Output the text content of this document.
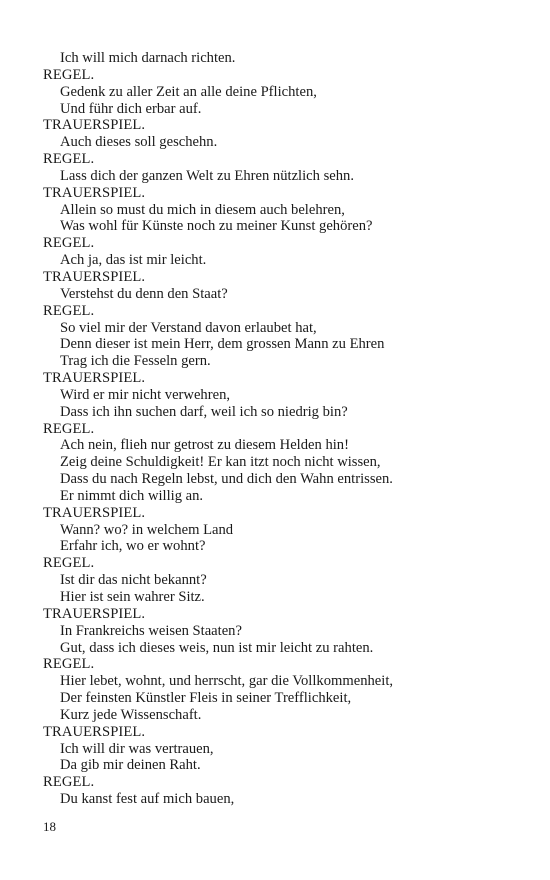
Ich will mich darnach richten.
REGEL.
Gedenk zu aller Zeit an alle deine Pflichten,
Und führ dich erbar auf.
TRAUERSPIEL.
Auch dieses soll geschehn.
REGEL.
Lass dich der ganzen Welt zu Ehren nützlich sehn.
TRAUERSPIEL.
Allein so must du mich in diesem auch belehren,
Was wohl für Künste noch zu meiner Kunst gehören?
REGEL.
Ach ja, das ist mir leicht.
TRAUERSPIEL.
Verstehst du denn den Staat?
REGEL.
So viel mir der Verstand davon erlaubet hat,
Denn dieser ist mein Herr, dem grossen Mann zu Ehren
Trag ich die Fesseln gern.
TRAUERSPIEL.
Wird er mir nicht verwehren,
Dass ich ihn suchen darf, weil ich so niedrig bin?
REGEL.
Ach nein, flieh nur getrost zu diesem Helden hin!
Zeig deine Schuldigkeit! Er kan itzt noch nicht wissen,
Dass du nach Regeln lebst, und dich den Wahn entrissen.
Er nimmt dich willig an.
TRAUERSPIEL.
Wann? wo? in welchem Land
Erfahr ich, wo er wohnt?
REGEL.
Ist dir das nicht bekannt?
Hier ist sein wahrer Sitz.
TRAUERSPIEL.
In Frankreichs weisen Staaten?
Gut, dass ich dieses weis, nun ist mir leicht zu rahten.
REGEL.
Hier lebet, wohnt, und herrscht, gar die Vollkommenheit,
Der feinsten Künstler Fleis in seiner Trefflichkeit,
Kurz jede Wissenschaft.
TRAUERSPIEL.
Ich will dir was vertrauen,
Da gib mir deinen Raht.
REGEL.
Du kanst fest auf mich bauen,
18
